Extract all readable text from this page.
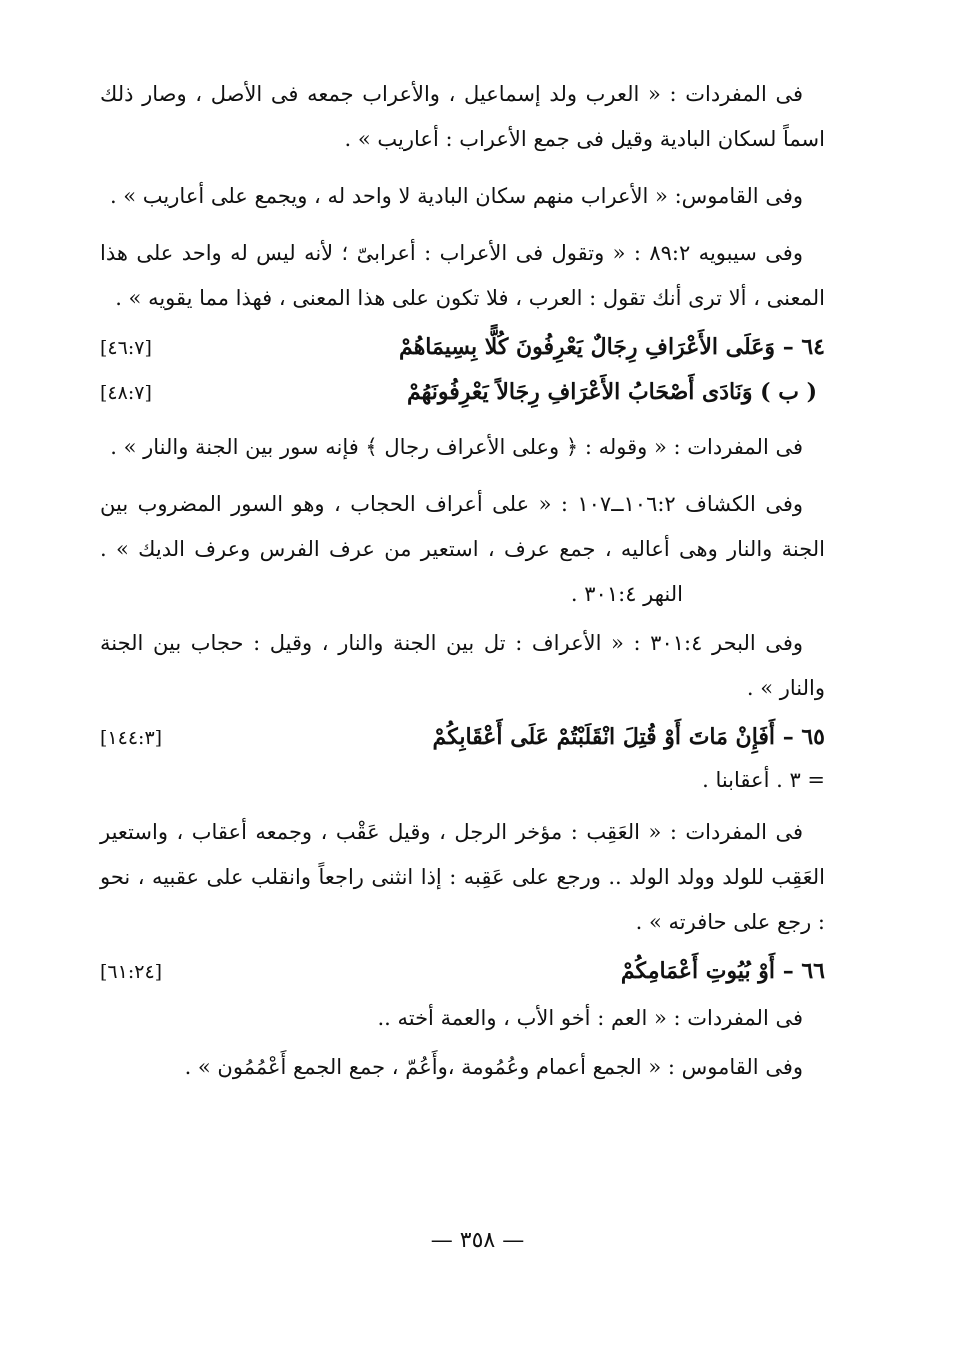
فى المفردات : « العرب ولد إسماعيل ، والأعراب جمعه فى الأصل ، وصار ذلك اسماً لسكان البادية وقيل فى جمع الأعراب : أعاريب » .

وفى القاموس: « الأعراب منهم سكان البادية لا واحد له ، ويجمع على أعاريب » .

وفى سيبويه ٨٩:٢ : « وتقول فى الأعراب : أعرابىّ ؛ لأنه ليس له واحد على هذا المعنى ، ألا ترى أنك تقول : العرب ، فلا تكون على هذا المعنى ، فهذا مما يقويه » .

٦٤ – وَعَلَى الأَعْرَافِ رِجَالٌ يَعْرِفُونَ كُلًّا بِسِيمَاهُمْ
[٤٦:٧]
( ب ) وَنَادَى أَصْحَابُ الأَعْرَافِ رِجَالاً يَعْرِفُونَهُمْ
[٤٨:٧]

فى المفردات : « وقوله : ﴿ وعلى الأعراف رجال ﴾ فإنه سور بين الجنة والنار » .

وفى الكشاف ١٠٦:٢ــ١٠٧ : « على أعراف الحجاب ، وهو السور المضروب بين الجنة والنار وهى أعاليه ، جمع عرف ، استعير من عرف الفرس وعرف الديك » . النهر ٣٠١:٤ .

وفى البحر ٣٠١:٤ : « الأعراف : تل بين الجنة والنار ، وقيل : حجاب بين الجنة والنار » .

٦٥ – أَفَإِنْ مَاتَ أَوْ قُتِلَ انْقَلَبْتُمْ عَلَى أَعْقَابِكُمْ
[١٤٤:٣]

= ٣ . أعقابنا .

فى المفردات : « العَقِب : مؤخر الرجل ، وقيل عَقْب ، وجمعه أعقاب ، واستعير العَقِب للولد وولد الولد .. ورجع على عَقِبه : إذا انثنى راجعاً وانقلب على عقبيه ، نحو : رجع على حافرته » .

٦٦ – أَوْ بُيُوتِ أَعْمَامِكُمْ
[٦١:٢٤]

فى المفردات : « العم : أخو الأب ، والعمة أخته ..

وفى القاموس : « الجمع أعمام وعُمُومة ،وأَعُمّ ، جمع الجمع أَعْمُمُون » .

— ٣٥٨ —
